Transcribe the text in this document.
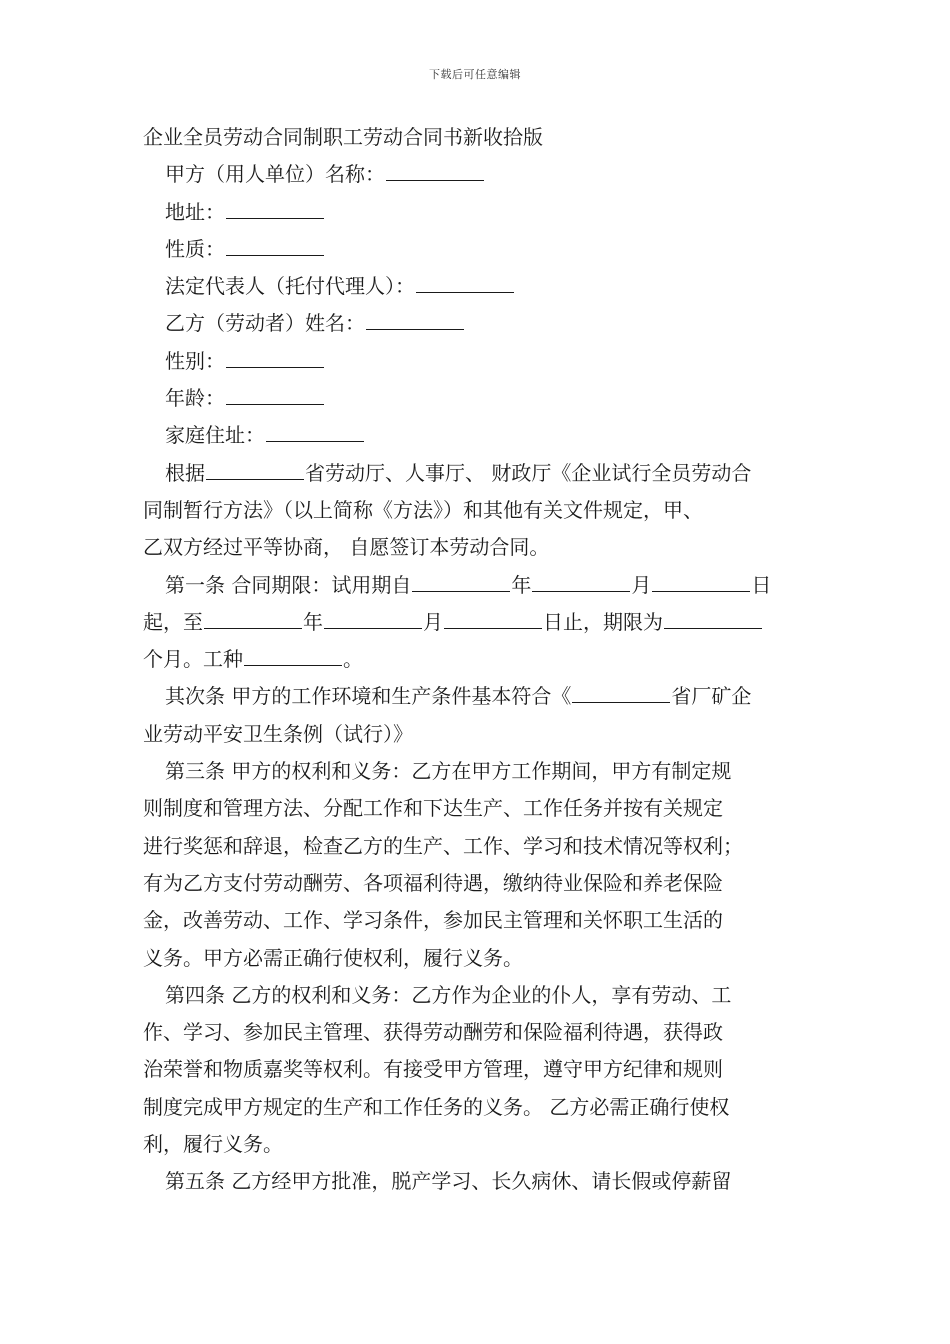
下载后可任意编辑
企业全员劳动合同制职工劳动合同书新收拾版
甲方（用人单位）名称：
地址：
性质：
法定代表人（托付代理人）：
乙方（劳动者）姓名：
性别：
年龄：
家庭住址：
根据	省劳动厅、人事厅、 财政厅《企业试行全员劳动合
同制暂行方法》（以上简称《方法》）和其他有关文件规定，甲、
乙双方经过平等协商， 自愿签订本劳动合同。
第一条 合同期限：试用期自	年	月	日
起，至	年	月	日止，期限为
个月。工种	。
其次条 甲方的工作环境和生产条件基本符合《	省厂矿企
业劳动平安卫生条例（试行）》
第三条 甲方的权利和义务：乙方在甲方工作期间，甲方有制定规
则制度和管理方法、分配工作和下达生产、工作任务并按有关规定
进行奖惩和辞退，检查乙方的生产、工作、学习和技术情况等权利；
有为乙方支付劳动酬劳、各项福利待遇，缴纳待业保险和养老保险
金，改善劳动、工作、学习条件，参加民主管理和关怀职工生活的
义务。甲方必需正确行使权利，履行义务。
第四条 乙方的权利和义务：乙方作为企业的仆人，享有劳动、工
作、学习、参加民主管理、获得劳动酬劳和保险福利待遇，获得政
治荣誉和物质嘉奖等权利。有接受甲方管理，遵守甲方纪律和规则
制度完成甲方规定的生产和工作任务的义务。 乙方必需正确行使权
利，履行义务。
第五条 乙方经甲方批准，脱产学习、长久病休、请长假或停薪留
